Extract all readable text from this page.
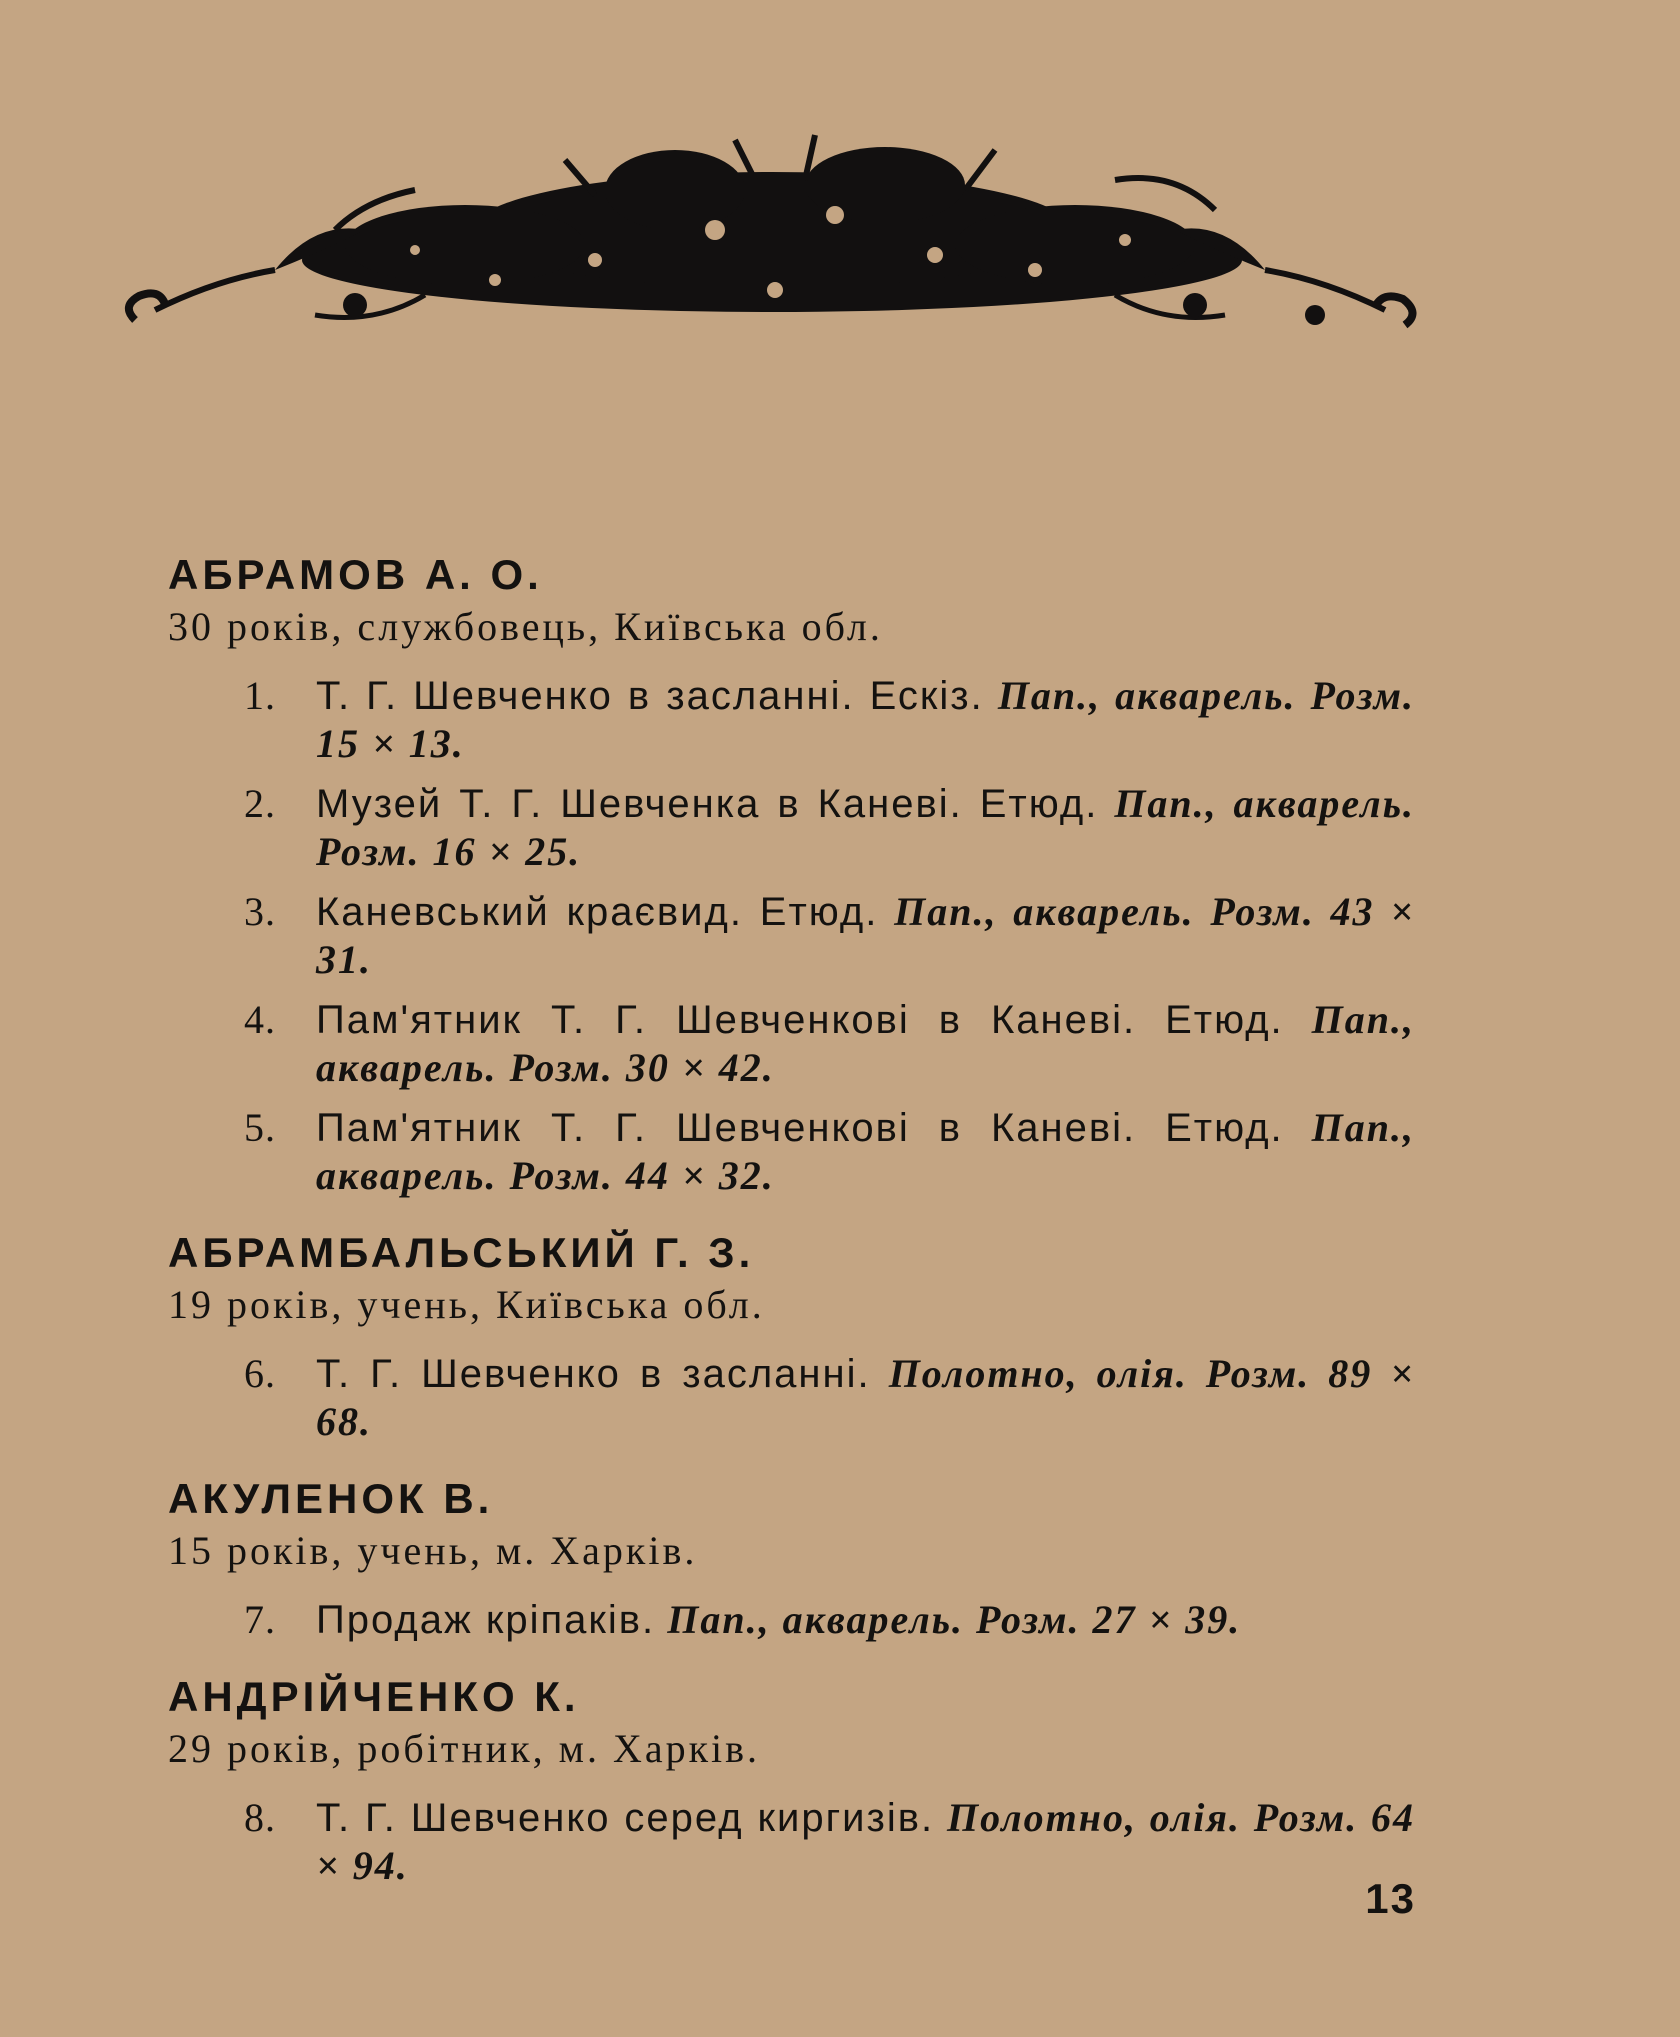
АБРАМОВ А. О.

30 років, службовець, Київська обл.

1.	Т. Г. Шевченко в засланні. Ескіз. Пап., акварель. Розм. 15 × 13.
2.	Музей Т. Г. Шевченка в Каневі. Етюд. Пап., акварель. Розм. 16 × 25.
3.	Каневський краєвид. Етюд. Пап., акварель. Розм. 43 × 31.
4.	Пам'ятник Т. Г. Шевченкові в Каневі. Етюд. Пап., акварель. Розм. 30 × 42.
5.	Пам'ятник Т. Г. Шевченкові в Каневі. Етюд. Пап., акварель. Розм. 44 × 32.

АБРАМБАЛЬСЬКИЙ Г. З.

19 років, учень, Київська обл.

6.	Т. Г. Шевченко в засланні. Полотно, олія. Розм. 89 × 68.

АКУЛЕНОК В.

15 років, учень, м. Харків.

7.	Продаж кріпаків. Пап., акварель. Розм. 27 × 39.

АНДРІЙЧЕНКО К.

29 років, робітник, м. Харків.

8.	Т. Г. Шевченко серед киргизів. Полотно, олія. Розм. 64 × 94.
13
